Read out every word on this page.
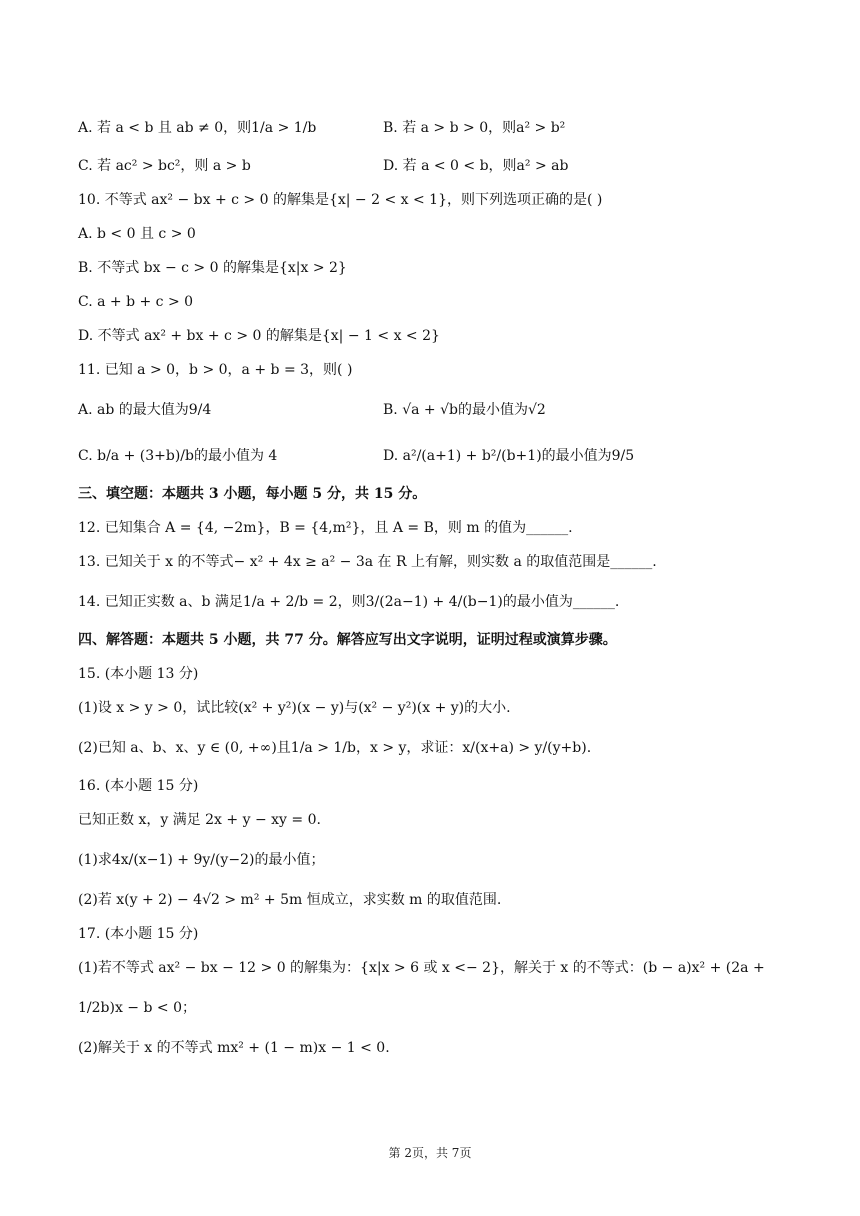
A. 若 a < b 且 ab ≠ 0，则1/a > 1/b	B. 若 a > b > 0，则a² > b²
C. 若 ac² > bc²，则 a > b	D. 若 a < 0 < b，则a² > ab
10. 不等式 ax² − bx + c > 0 的解集是{x| − 2 < x < 1}，则下列选项正确的是( )
A. b < 0 且 c > 0
B. 不等式 bx − c > 0 的解集是{x|x > 2}
C. a + b + c > 0
D. 不等式 ax² + bx + c > 0 的解集是{x| − 1 < x < 2}
11. 已知 a > 0，b > 0，a + b = 3，则( )
A. ab 的最大值为9/4	B. √a + √b的最小值为√2
C. b/a + (3+b)/b的最小值为 4	D. a²/(a+1) + b²/(b+1)的最小值为9/5
三、填空题：本题共 3 小题，每小题 5 分，共 15 分。
12. 已知集合 A = {4, −2m}，B = {4,m²}，且 A = B，则 m 的值为______.
13. 已知关于 x 的不等式− x² + 4x ≥ a² − 3a 在 R 上有解，则实数 a 的取值范围是______.
14. 已知正实数 a、b 满足1/a + 2/b = 2，则3/(2a−1) + 4/(b−1)的最小值为______.
四、解答题：本题共 5 小题，共 77 分。解答应写出文字说明，证明过程或演算步骤。
15. (本小题 13 分)
(1)设 x > y > 0，试比较(x² + y²)(x − y)与(x² − y²)(x + y)的大小.
(2)已知 a、b、x、y ∈ (0, +∞)且1/a > 1/b，x > y，求证：x/(x+a) > y/(y+b).
16. (本小题 15 分)
已知正数 x，y 满足 2x + y − xy = 0.
(1)求4x/(x−1) + 9y/(y−2)的最小值；
(2)若 x(y + 2) − 4√2 > m² + 5m 恒成立，求实数 m 的取值范围.
17. (本小题 15 分)
(1)若不等式 ax² − bx − 12 > 0 的解集为：{x|x > 6 或 x <− 2}，解关于 x 的不等式：(b − a)x² + (2a +
1/2b)x − b < 0；
(2)解关于 x 的不等式 mx² + (1 − m)x − 1 < 0.
第 2页，共 7页
